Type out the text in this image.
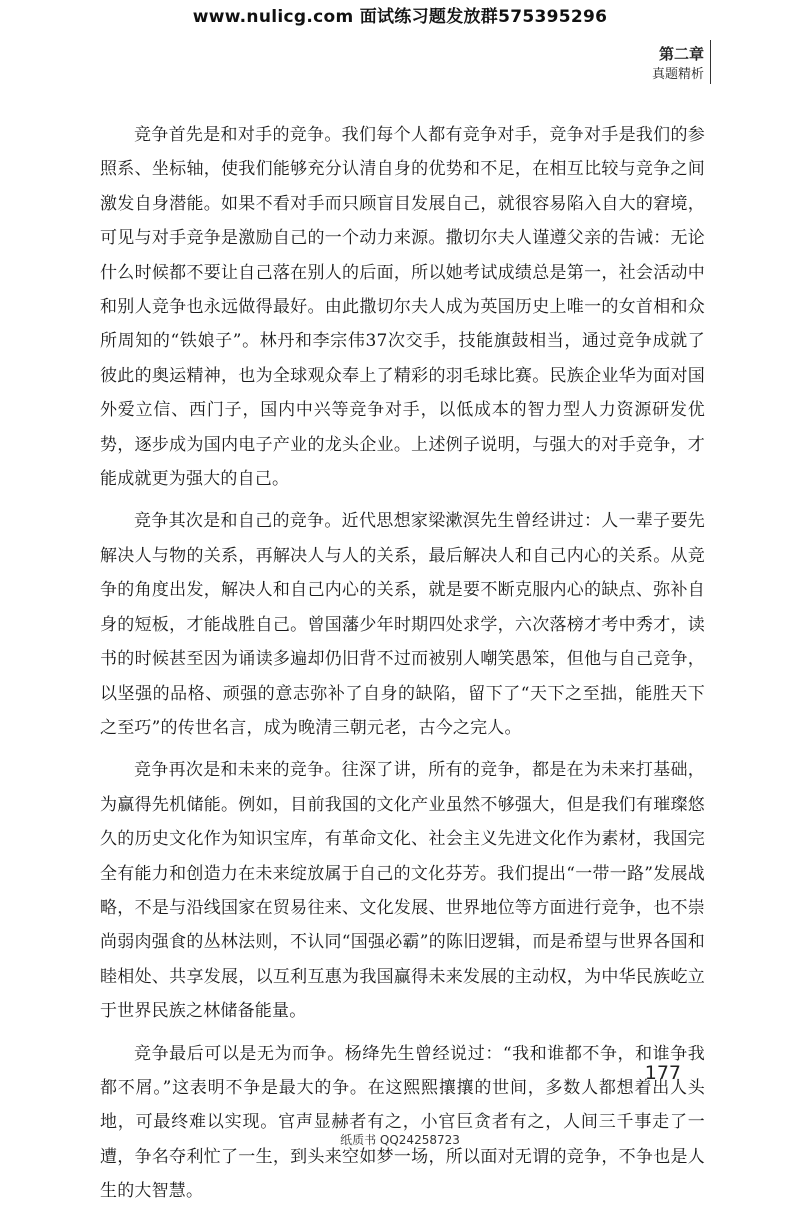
www.nulicg.com 面试练习题发放群575395296
第二章
真题精析

竞争首先是和对手的竞争。我们每个人都有竞争对手，竞争对手是我们的参照系、坐标轴，使我们能够充分认清自身的优势和不足，在相互比较与竞争之间激发自身潜能。如果不看对手而只顾盲目发展自己，就很容易陷入自大的窘境，可见与对手竞争是激励自己的一个动力来源。撒切尔夫人谨遵父亲的告诫：无论什么时候都不要让自己落在别人的后面，所以她考试成绩总是第一，社会活动中和别人竞争也永远做得最好。由此撒切尔夫人成为英国历史上唯一的女首相和众所周知的“铁娘子”。林丹和李宗伟37次交手，技能旗鼓相当，通过竞争成就了彼此的奥运精神，也为全球观众奉上了精彩的羽毛球比赛。民族企业华为面对国外爱立信、西门子，国内中兴等竞争对手，以低成本的智力型人力资源研发优势，逐步成为国内电子产业的龙头企业。上述例子说明，与强大的对手竞争，才能成就更为强大的自己。

竞争其次是和自己的竞争。近代思想家梁漱溟先生曾经讲过：人一辈子要先解决人与物的关系，再解决人与人的关系，最后解决人和自己内心的关系。从竞争的角度出发，解决人和自己内心的关系，就是要不断克服内心的缺点、弥补自身的短板，才能战胜自己。曾国藩少年时期四处求学，六次落榜才考中秀才，读书的时候甚至因为诵读多遍却仍旧背不过而被别人嘲笑愚笨，但他与自己竞争，以坚强的品格、顽强的意志弥补了自身的缺陷，留下了“天下之至拙，能胜天下之至巧”的传世名言，成为晚清三朝元老，古今之完人。

竞争再次是和未来的竞争。往深了讲，所有的竞争，都是在为未来打基础，为赢得先机储能。例如，目前我国的文化产业虽然不够强大，但是我们有璀璨悠久的历史文化作为知识宝库，有革命文化、社会主义先进文化作为素材，我国完全有能力和创造力在未来绽放属于自己的文化芬芳。我们提出“一带一路”发展战略，不是与沿线国家在贸易往来、文化发展、世界地位等方面进行竞争，也不崇尚弱肉强食的丛林法则，不认同“国强必霸”的陈旧逻辑，而是希望与世界各国和睦相处、共享发展，以互利互惠为我国赢得未来发展的主动权，为中华民族屹立于世界民族之林储备能量。

竞争最后可以是无为而争。杨绛先生曾经说过：“我和谁都不争，和谁争我都不屑。”这表明不争是最大的争。在这熙熙攘攘的世间，多数人都想着出人头地，可最终难以实现。官声显赫者有之，小官巨贪者有之，人间三千事走了一遭，争名夺利忙了一生，到头来空如梦一场，所以面对无谓的竞争，不争也是人生的大智慧。

177
纸质书 QQ24258723
